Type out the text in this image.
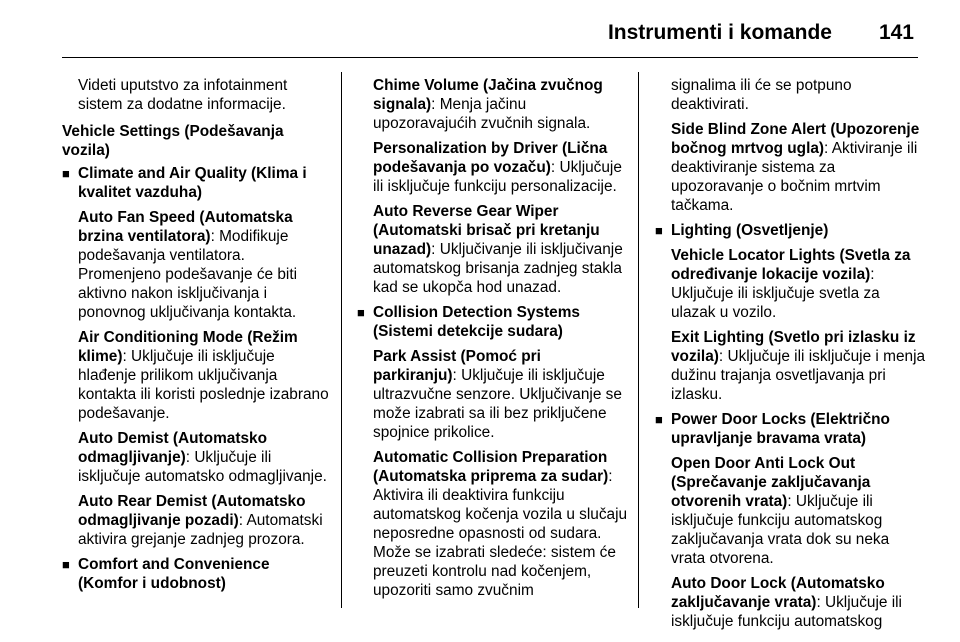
Instrumenti i komande 141

Videti uputstvo za infotainment sistem za dodatne informacije.

Vehicle Settings (Podešavanja vozila)

■ Climate and Air Quality (Klima i kvalitet vazduha)

Auto Fan Speed (Automatska brzina ventilatora): Modifikuje podešavanja ventilatora. Promenjeno podešavanje će biti aktivno nakon isključivanja i ponovnog uključivanja kontakta.

Air Conditioning Mode (Režim klime): Uključuje ili isključuje hlađenje prilikom uključivanja kontakta ili koristi poslednje izabrano podešavanje.

Auto Demist (Automatsko odmagljivanje): Uključuje ili isključuje automatsko odmagljivanje.

Auto Rear Demist (Automatsko odmagljivanje pozadi): Automatski aktivira grejanje zadnjeg prozora.

■ Comfort and Convenience (Komfor i udobnost)

Chime Volume (Jačina zvučnog signala): Menja jačinu upozoravajućih zvučnih signala.

Personalization by Driver (Lična podešavanja po vozaču): Uključuje ili isključuje funkciju personalizacije.

Auto Reverse Gear Wiper (Automatski brisač pri kretanju unazad): Uključivanje ili isključivanje automatskog brisanja zadnjeg stakla kad se ukopča hod unazad.

■ Collision Detection Systems (Sistemi detekcije sudara)

Park Assist (Pomoć pri parkiranju): Uključuje ili isključuje ultrazvučne senzore. Uključivanje se može izabrati sa ili bez priključene spojnice prikolice.

Automatic Collision Preparation (Automatska priprema za sudar): Aktivira ili deaktivira funkciju automatskog kočenja vozila u slučaju neposredne opasnosti od sudara. Može se izabrati sledeće: sistem će preuzeti kontrolu nad kočenjem, upozoriti samo zvučnim

signalima ili će se potpuno deaktivirati.

Side Blind Zone Alert (Upozorenje bočnog mrtvog ugla): Aktiviranje ili deaktiviranje sistema za upozoravanje o bočnim mrtvim tačkama.

■ Lighting (Osvetljenje)

Vehicle Locator Lights (Svetla za određivanje lokacije vozila): Uključuje ili isključuje svetla za ulazak u vozilo.

Exit Lighting (Svetlo pri izlasku iz vozila): Uključuje ili isključuje i menja dužinu trajanja osvetljavanja pri izlasku.

■ Power Door Locks (Električno upravljanje bravama vrata)

Open Door Anti Lock Out (Sprečavanje zaključavanja otvorenih vrata): Uključuje ili isključuje funkciju automatskog zaključavanja vrata dok su neka vrata otvorena.

Auto Door Lock (Automatsko zaključavanje vrata): Uključuje ili isključuje funkciju automatskog
